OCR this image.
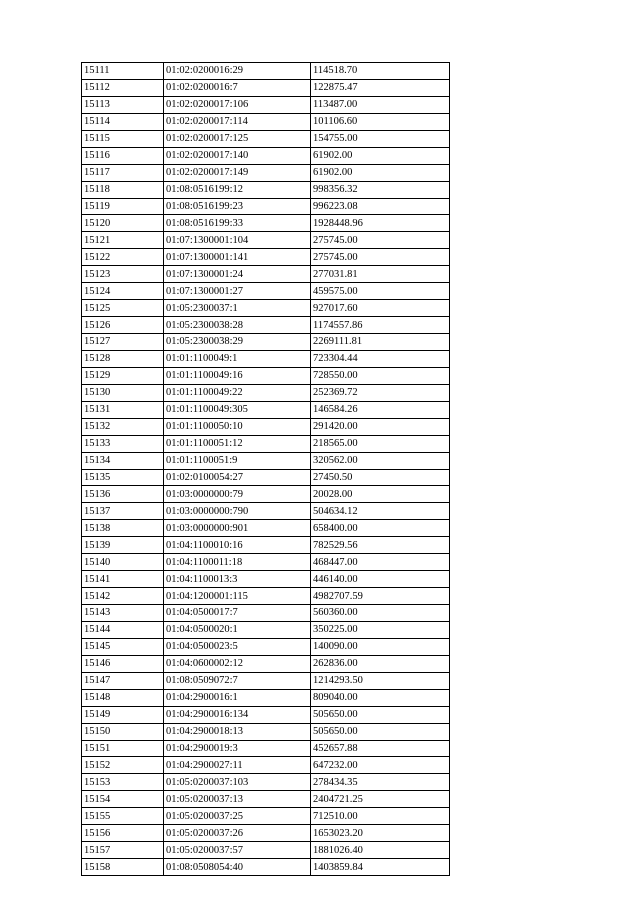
15111	01:02:0200016:29	114518.70
15112	01:02:0200016:7	122875.47
15113	01:02:0200017:106	113487.00
15114	01:02:0200017:114	101106.60
15115	01:02:0200017:125	154755.00
15116	01:02:0200017:140	61902.00
15117	01:02:0200017:149	61902.00
15118	01:08:0516199:12	998356.32
15119	01:08:0516199:23	996223.08
15120	01:08:0516199:33	1928448.96
15121	01:07:1300001:104	275745.00
15122	01:07:1300001:141	275745.00
15123	01:07:1300001:24	277031.81
15124	01:07:1300001:27	459575.00
15125	01:05:2300037:1	927017.60
15126	01:05:2300038:28	1174557.86
15127	01:05:2300038:29	2269111.81
15128	01:01:1100049:1	723304.44
15129	01:01:1100049:16	728550.00
15130	01:01:1100049:22	252369.72
15131	01:01:1100049:305	146584.26
15132	01:01:1100050:10	291420.00
15133	01:01:1100051:12	218565.00
15134	01:01:1100051:9	320562.00
15135	01:02:0100054:27	27450.50
15136	01:03:0000000:79	20028.00
15137	01:03:0000000:790	504634.12
15138	01:03:0000000:901	658400.00
15139	01:04:1100010:16	782529.56
15140	01:04:1100011:18	468447.00
15141	01:04:1100013:3	446140.00
15142	01:04:1200001:115	4982707.59
15143	01:04:0500017:7	560360.00
15144	01:04:0500020:1	350225.00
15145	01:04:0500023:5	140090.00
15146	01:04:0600002:12	262836.00
15147	01:08:0509072:7	1214293.50
15148	01:04:2900016:1	809040.00
15149	01:04:2900016:134	505650.00
15150	01:04:2900018:13	505650.00
15151	01:04:2900019:3	452657.88
15152	01:04:2900027:11	647232.00
15153	01:05:0200037:103	278434.35
15154	01:05:0200037:13	2404721.25
15155	01:05:0200037:25	712510.00
15156	01:05:0200037:26	1653023.20
15157	01:05:0200037:57	1881026.40
15158	01:08:0508054:40	1403859.84
